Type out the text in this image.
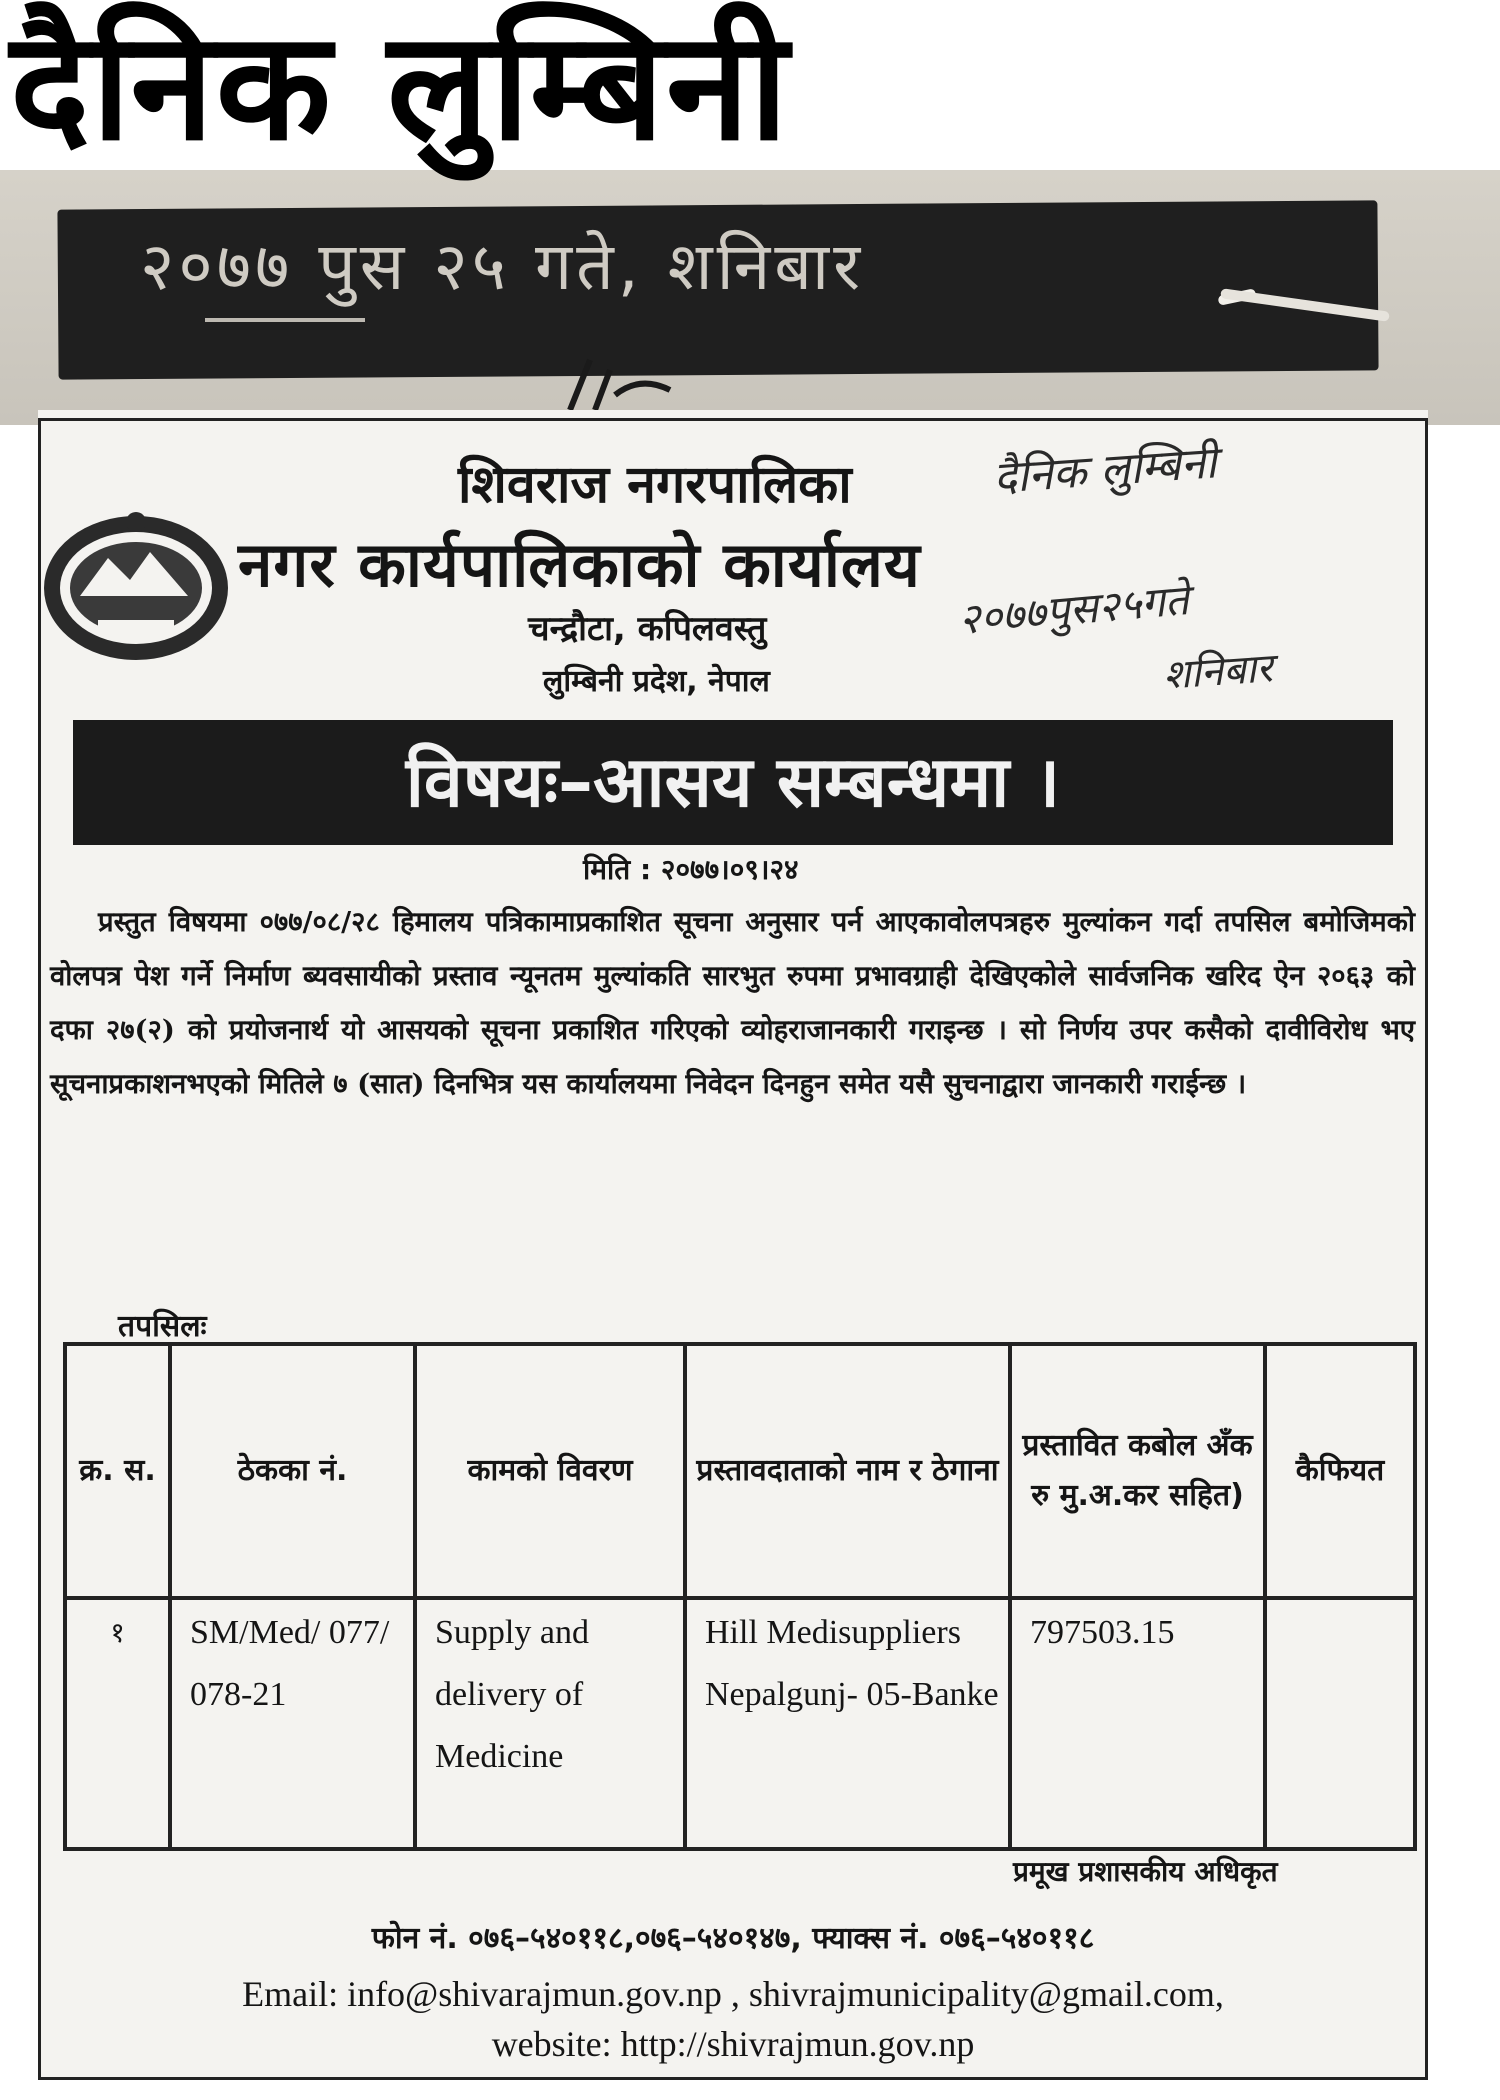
दैनिक लुम्बिनी
२०७७ पुस २५ गते, शनिबार
शिवराज नगरपालिका
नगर कार्यपालिकाको कार्यालय
चन्द्रौटा, कपिलवस्तु
लुम्बिनी प्रदेश, नेपाल
दैनिक लुम्बिनी
२०७७पुस२५गते
शनिबार
विषयः–आसय सम्बन्धमा ।
मिति : २०७७।०९।२४
प्रस्तुत विषयमा ०७७/०८/२८ हिमालय पत्रिकामाप्रकाशित सूचना अनुसार पर्न आएकावोलपत्रहरु मुल्यांकन गर्दा तपसिल बमोजिमको वोलपत्र पेश गर्ने निर्माण ब्यवसायीको प्रस्ताव न्यूनतम मुल्यांकति सारभुत रुपमा प्रभावग्राही देखिएकोले सार्वजनिक खरिद ऐन २०६३ को दफा २७(२) को प्रयोजनार्थ यो आसयको सूचना प्रकाशित गरिएको व्योहराजानकारी गराइन्छ । सो निर्णय उपर कसैको दावीविरोध भए सूचनाप्रकाशनभएको मितिले ७ (सात) दिनभित्र यस कार्यालयमा निवेदन दिनहुन समेत यसै सुचनाद्वारा जानकारी गराईन्छ ।
तपसिलः
क्र. स.	ठेकका नं.	कामको विवरण	प्रस्तावदाताको नाम र ठेगाना	प्रस्तावित कबोल अँक रु मु.अ.कर सहित)	कैफियत
१	SM/Med/ 077/ 078-21	Supply and delivery of Medicine	Hill Medisuppliers Nepalgunj- 05-Banke	797503.15	
प्रमूख प्रशासकीय अधिकृत
फोन नं. ०७६–५४०११८,०७६–५४०१४७, फ्याक्स नं. ०७६–५४०११८
Email: info@shivarajmun.gov.np , shivrajmunicipality@gmail.com,
website: http://shivrajmun.gov.np
